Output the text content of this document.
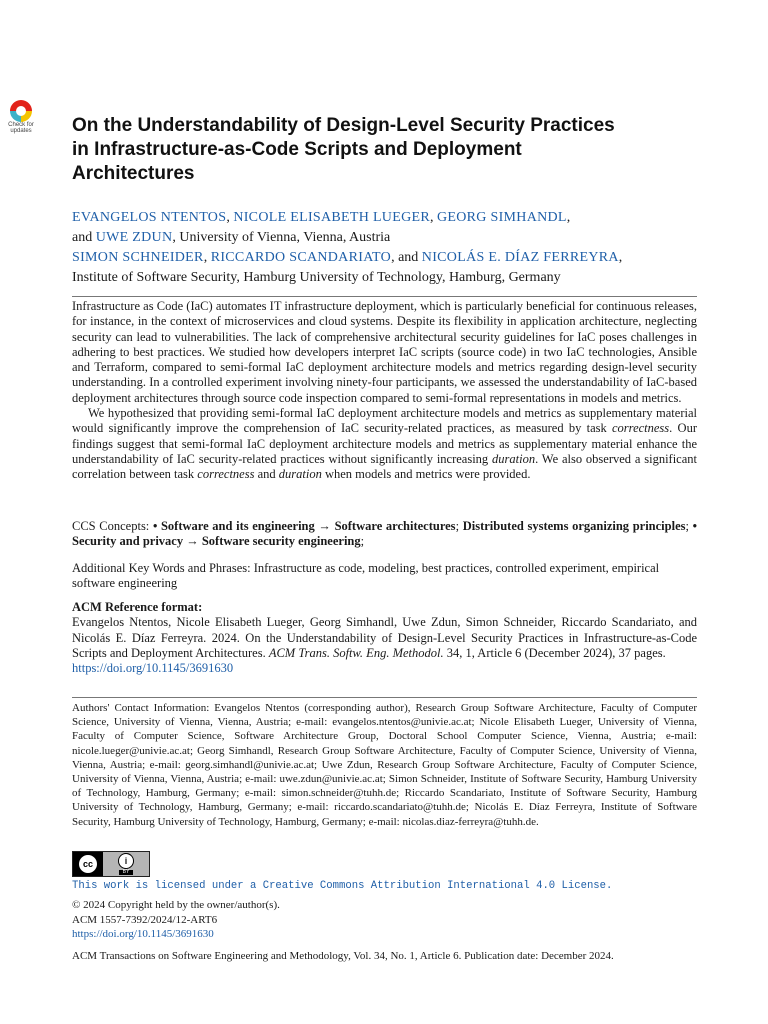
Check for
updates On the Understandability of Design-Level Security Practices in Infrastructure-as-Code Scripts and Deployment Architectures
EVANGELOS NTENTOS, NICOLE ELISABETH LUEGER, GEORG SIMHANDL,
and UWE ZDUN, University of Vienna, Vienna, Austria
SIMON SCHNEIDER, RICCARDO SCANDARIATO, and NICOLÁS E. DÍAZ FERREYRA,
Institute of Software Security, Hamburg University of Technology, Hamburg, Germany

Infrastructure as Code (IaC) automates IT infrastructure deployment, which is particularly beneficial for continuous releases, for instance, in the context of microservices and cloud systems. Despite its flexibility in application architecture, neglecting security can lead to vulnerabilities. The lack of comprehensive architectural security guidelines for IaC poses challenges in adhering to best practices. We studied how developers interpret IaC scripts (source code) in two IaC technologies, Ansible and Terraform, compared to semi-formal IaC deployment architecture models and metrics regarding design-level security understanding. In a controlled experiment involving ninety-four participants, we assessed the understandability of IaC-based deployment architectures through source code inspection compared to semi-formal representations in models and metrics.

We hypothesized that providing semi-formal IaC deployment architecture models and metrics as supplementary material would significantly improve the comprehension of IaC security-related practices, as measured by task correctness. Our findings suggest that semi-formal IaC deployment architecture models and metrics as supplementary material enhance the understandability of IaC security-related practices without significantly increasing duration. We also observed a significant correlation between task correctness and duration when models and metrics were provided.

CCS Concepts: • Software and its engineering → Software architectures; Distributed systems organizing principles; • Security and privacy → Software security engineering;
Additional Key Words and Phrases: Infrastructure as code, modeling, best practices, controlled experiment, empirical software engineering
ACM Reference format:
Evangelos Ntentos, Nicole Elisabeth Lueger, Georg Simhandl, Uwe Zdun, Simon Schneider, Riccardo Scandariato, and Nicolás E. Díaz Ferreyra. 2024. On the Understandability of Design-Level Security Practices in Infrastructure-as-Code Scripts and Deployment Architectures. ACM Trans. Softw. Eng. Methodol. 34, 1, Article 6 (December 2024), 37 pages.
https://doi.org/10.1145/3691630
Authors' Contact Information: Evangelos Ntentos (corresponding author), Research Group Software Architecture, Faculty of Computer Science, University of Vienna, Vienna, Austria; e-mail: evangelos.ntentos@univie.ac.at; Nicole Elisabeth Lueger, University of Vienna, Faculty of Computer Science, Software Architecture Group, Doctoral School Computer Science, Vienna, Austria; e-mail: nicole.lueger@univie.ac.at; Georg Simhandl, Research Group Software Architecture, Faculty of Computer Science, University of Vienna, Vienna, Austria; e-mail: georg.simhandl@univie.ac.at; Uwe Zdun, Research Group Software Architecture, Faculty of Computer Science, University of Vienna, Vienna, Austria; e-mail: uwe.zdun@univie.ac.at; Simon Schneider, Institute of Software Security, Hamburg University of Technology, Hamburg, Germany; e-mail: simon.schneider@tuhh.de; Riccardo Scandariato, Institute of Software Security, Hamburg University of Technology, Hamburg, Germany; e-mail: riccardo.scandariato@tuhh.de; Nicolás E. Díaz Ferreyra, Institute of Software Security, Hamburg University of Technology, Hamburg, Germany; e-mail: nicolas.diaz-ferreyra@tuhh.de.
cc	i
BY
This work is licensed under a Creative Commons Attribution International 4.0 License.
© 2024 Copyright held by the owner/author(s).
ACM 1557-7392/2024/12-ART6
https://doi.org/10.1145/3691630
ACM Transactions on Software Engineering and Methodology, Vol. 34, No. 1, Article 6. Publication date: December 2024.
